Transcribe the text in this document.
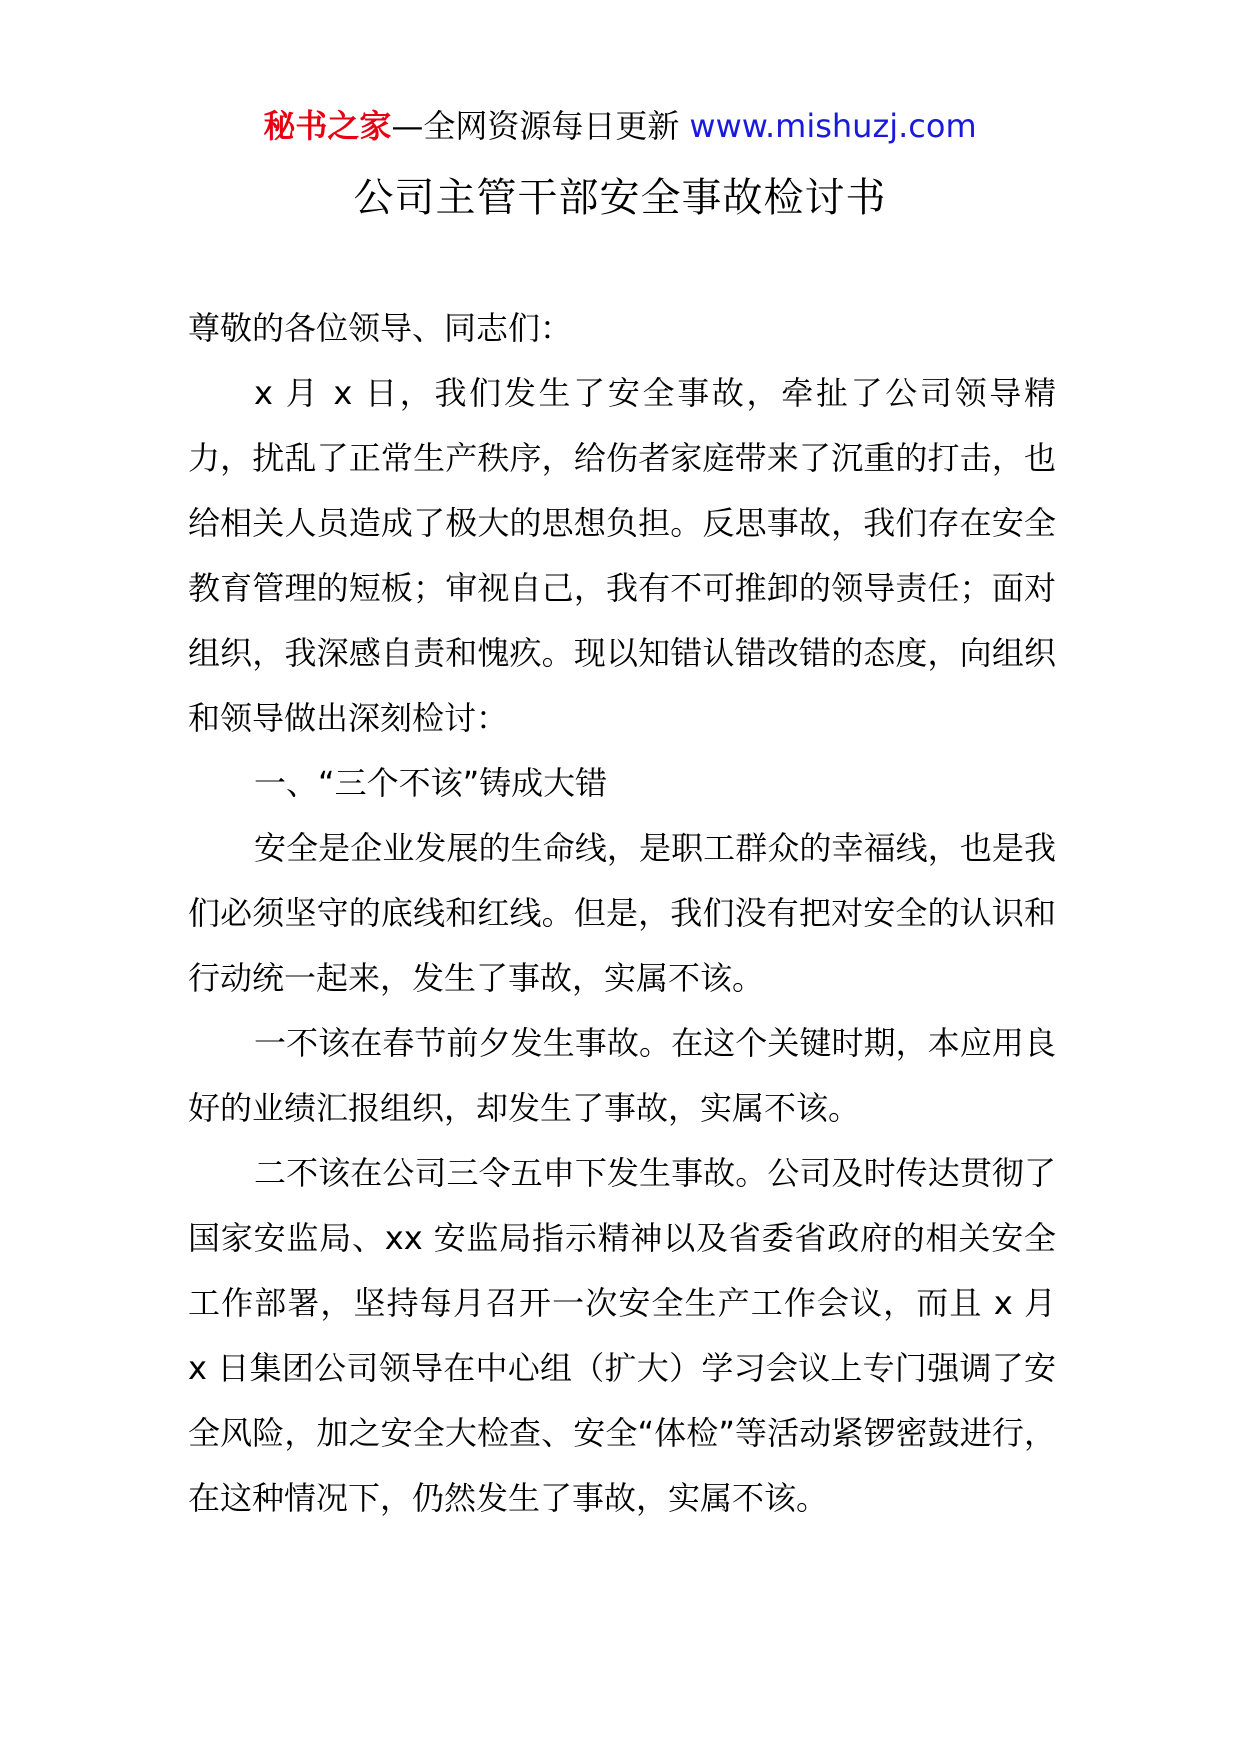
秘书之家—全网资源每日更新 www.mishuzj.com
公司主管干部安全事故检讨书

尊敬的各位领导、同志们：

x 月 x 日，我们发生了安全事故，牵扯了公司领导精力，扰乱了正常生产秩序，给伤者家庭带来了沉重的打击，也给相关人员造成了极大的思想负担。反思事故，我们存在安全教育管理的短板；审视自己，我有不可推卸的领导责任；面对组织，我深感自责和愧疚。现以知错认错改错的态度，向组织和领导做出深刻检讨：

一、“三个不该”铸成大错

安全是企业发展的生命线，是职工群众的幸福线，也是我们必须坚守的底线和红线。但是，我们没有把对安全的认识和行动统一起来，发生了事故，实属不该。

一不该在春节前夕发生事故。在这个关键时期，本应用良好的业绩汇报组织，却发生了事故，实属不该。

二不该在公司三令五申下发生事故。公司及时传达贯彻了国家安监局、xx 安监局指示精神以及省委省政府的相关安全工作部署，坚持每月召开一次安全生产工作会议，而且 x 月 x 日集团公司领导在中心组（扩大）学习会议上专门强调了安全风险，加之安全大检查、安全“体检”等活动紧锣密鼓进行，在这种情况下，仍然发生了事故，实属不该。
